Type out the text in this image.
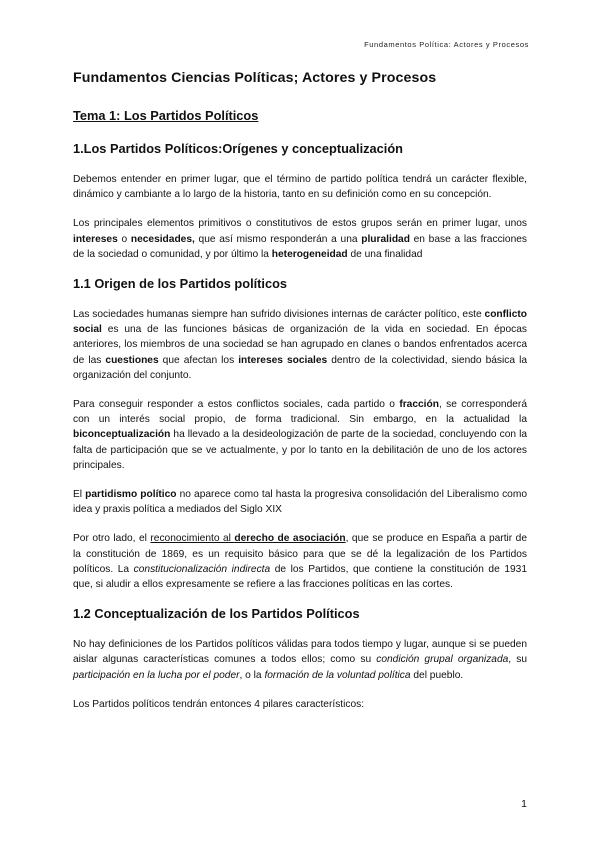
Fundamentos Política: Actores y Procesos
Fundamentos Ciencias Políticas; Actores y Procesos
Tema 1: Los Partidos Políticos
1.Los Partidos Políticos:Orígenes y conceptualización

Debemos entender en primer lugar, que el término de partido política tendrá un carácter flexible, dinámico y cambiante a lo largo de la historia, tanto en su definición como en su concepción.

Los principales elementos primitivos o constitutivos de estos grupos serán en primer lugar, unos intereses o necesidades, que así mismo responderán a una pluralidad en base a las fracciones de la sociedad o comunidad, y por último la heterogeneidad de una finalidad

1.1 Origen de los Partidos políticos

Las sociedades humanas siempre han sufrido divisiones internas de carácter político, este conflicto social es una de las funciones básicas de organización de la vida en sociedad. En épocas anteriores, los miembros de una sociedad se han agrupado en clanes o bandos enfrentados acerca de las cuestiones que afectan los intereses sociales dentro de la colectividad, siendo básica la organización del conjunto.

Para conseguir responder a estos conflictos sociales, cada partido o fracción, se corresponderá con un interés social propio, de forma tradicional. Sin embargo, en la actualidad la biconceptualización ha llevado a la desideologización de parte de la sociedad, concluyendo con la falta de participación que se ve actualmente, y por lo tanto en la debilitación de uno de los actores principales.

El partidismo político no aparece como tal hasta la progresiva consolidación del Liberalismo como idea y praxis política a mediados del Siglo XIX

Por otro lado, el reconocimiento al derecho de asociación, que se produce en España a partir de la constitución de 1869, es un requisito básico para que se dé la legalización de los Partidos políticos. La constitucionalización indirecta de los Partidos, que contiene la constitución de 1931 que, si aludir a ellos expresamente se refiere a las fracciones políticas en las cortes.

1.2 Conceptualización de los Partidos Políticos

No hay definiciones de los Partidos políticos válidas para todos tiempo y lugar, aunque si se pueden aislar algunas características comunes a todos ellos; como su condición grupal organizada, su participación en la lucha por el poder, o la formación de la voluntad política del pueblo.

Los Partidos políticos tendrán entonces 4 pilares característicos:

1
